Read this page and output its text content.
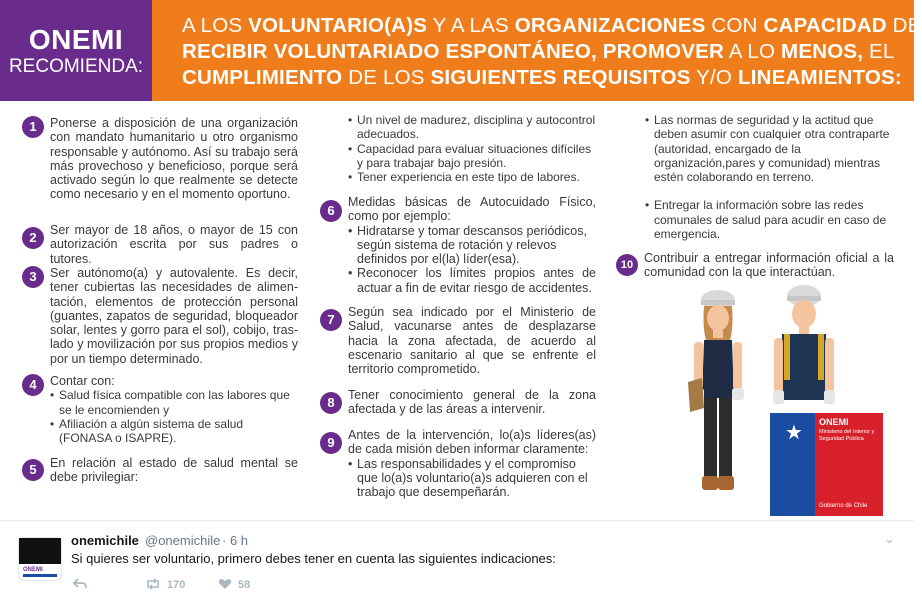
ONEMI
RECOMIENDA:
A LOS VOLUNTARIO(A)S Y A LAS ORGANIZACIONES CON CAPACIDAD DE
RECIBIR VOLUNTARIADO ESPONTÁNEO, PROMOVER A LO MENOS, EL
CUMPLIMIENTO DE LOS SIGUIENTES REQUISITOS Y/O LINEAMIENTOS:
1	Ponerse a disposición de una organización con mandato humanitario u otro organismo responsable y autónomo. Así su trabajo será más provechoso y beneficioso, porque será activado según lo que realmente se detecte como necesario y en el momento oportuno.
2	Ser mayor de 18 años, o mayor de 15 con autorización escrita por sus padres o tutores.
3	Ser autónomo(a) y autovalente. Es decir, tener cubiertas las necesidades de alimen-tación, elementos de protección personal (guantes, zapatos de seguridad, bloqueador solar, lentes y gorro para el sol), cobijo, tras-lado y movilización por sus propios medios y por un tiempo determinado.
4	Contar con:
• Salud física compatible con las labores que se le encomienden y
• Afiliación a algún sistema de salud (FONASA o ISAPRE).
5	En relación al estado de salud mental se debe privilegiar:
• Un nivel de madurez, disciplina y autocontrol adecuados.
• Capacidad para evaluar situaciones difíciles y para trabajar bajo presión.
• Tener experiencia en este tipo de labores.
6
Medidas básicas de Autocuidado Físico, como por ejemplo:
• Hidratarse y tomar descansos periódicos, según sistema de rotación y relevos definidos por el(la) líder(esa).
• Reconocer los límites propios antes de actuar a fin de evitar riesgo de accidentes.
7	Según sea indicado por el Ministerio de Salud, vacunarse antes de desplazarse hacia la zona afectada, de acuerdo al escenario sanitario al que se enfrente el territorio comprometido.
8	Tener conocimiento general de la zona afectada y de las áreas a intervenir.
9	Antes de la intervención, lo(a)s líderes(as) de cada misión deben informar claramente:
• Las responsabilidades y el compromiso que lo(a)s voluntario(a)s adquieren con el trabajo que desempeñarán.
• Las normas de seguridad y la actitud que deben asumir con cualquier otra contraparte (autoridad, encargado de la organización,pares y comunidad) mientras estén colaborando en terreno.
• Entregar la información sobre las redes comunales de salud para acudir en caso de emergencia.
10 Contribuir a entregar información oficial a la comunidad con la que interactúan.
★ ONEMI
Ministerio del Interior y Seguridad Pública
Gobierno de Chile
ONEMI
onemichile @onemichile · 6 h	⌄
Si quieres ser voluntario, primero debes tener en cuenta las siguientes indicaciones:
170	58
